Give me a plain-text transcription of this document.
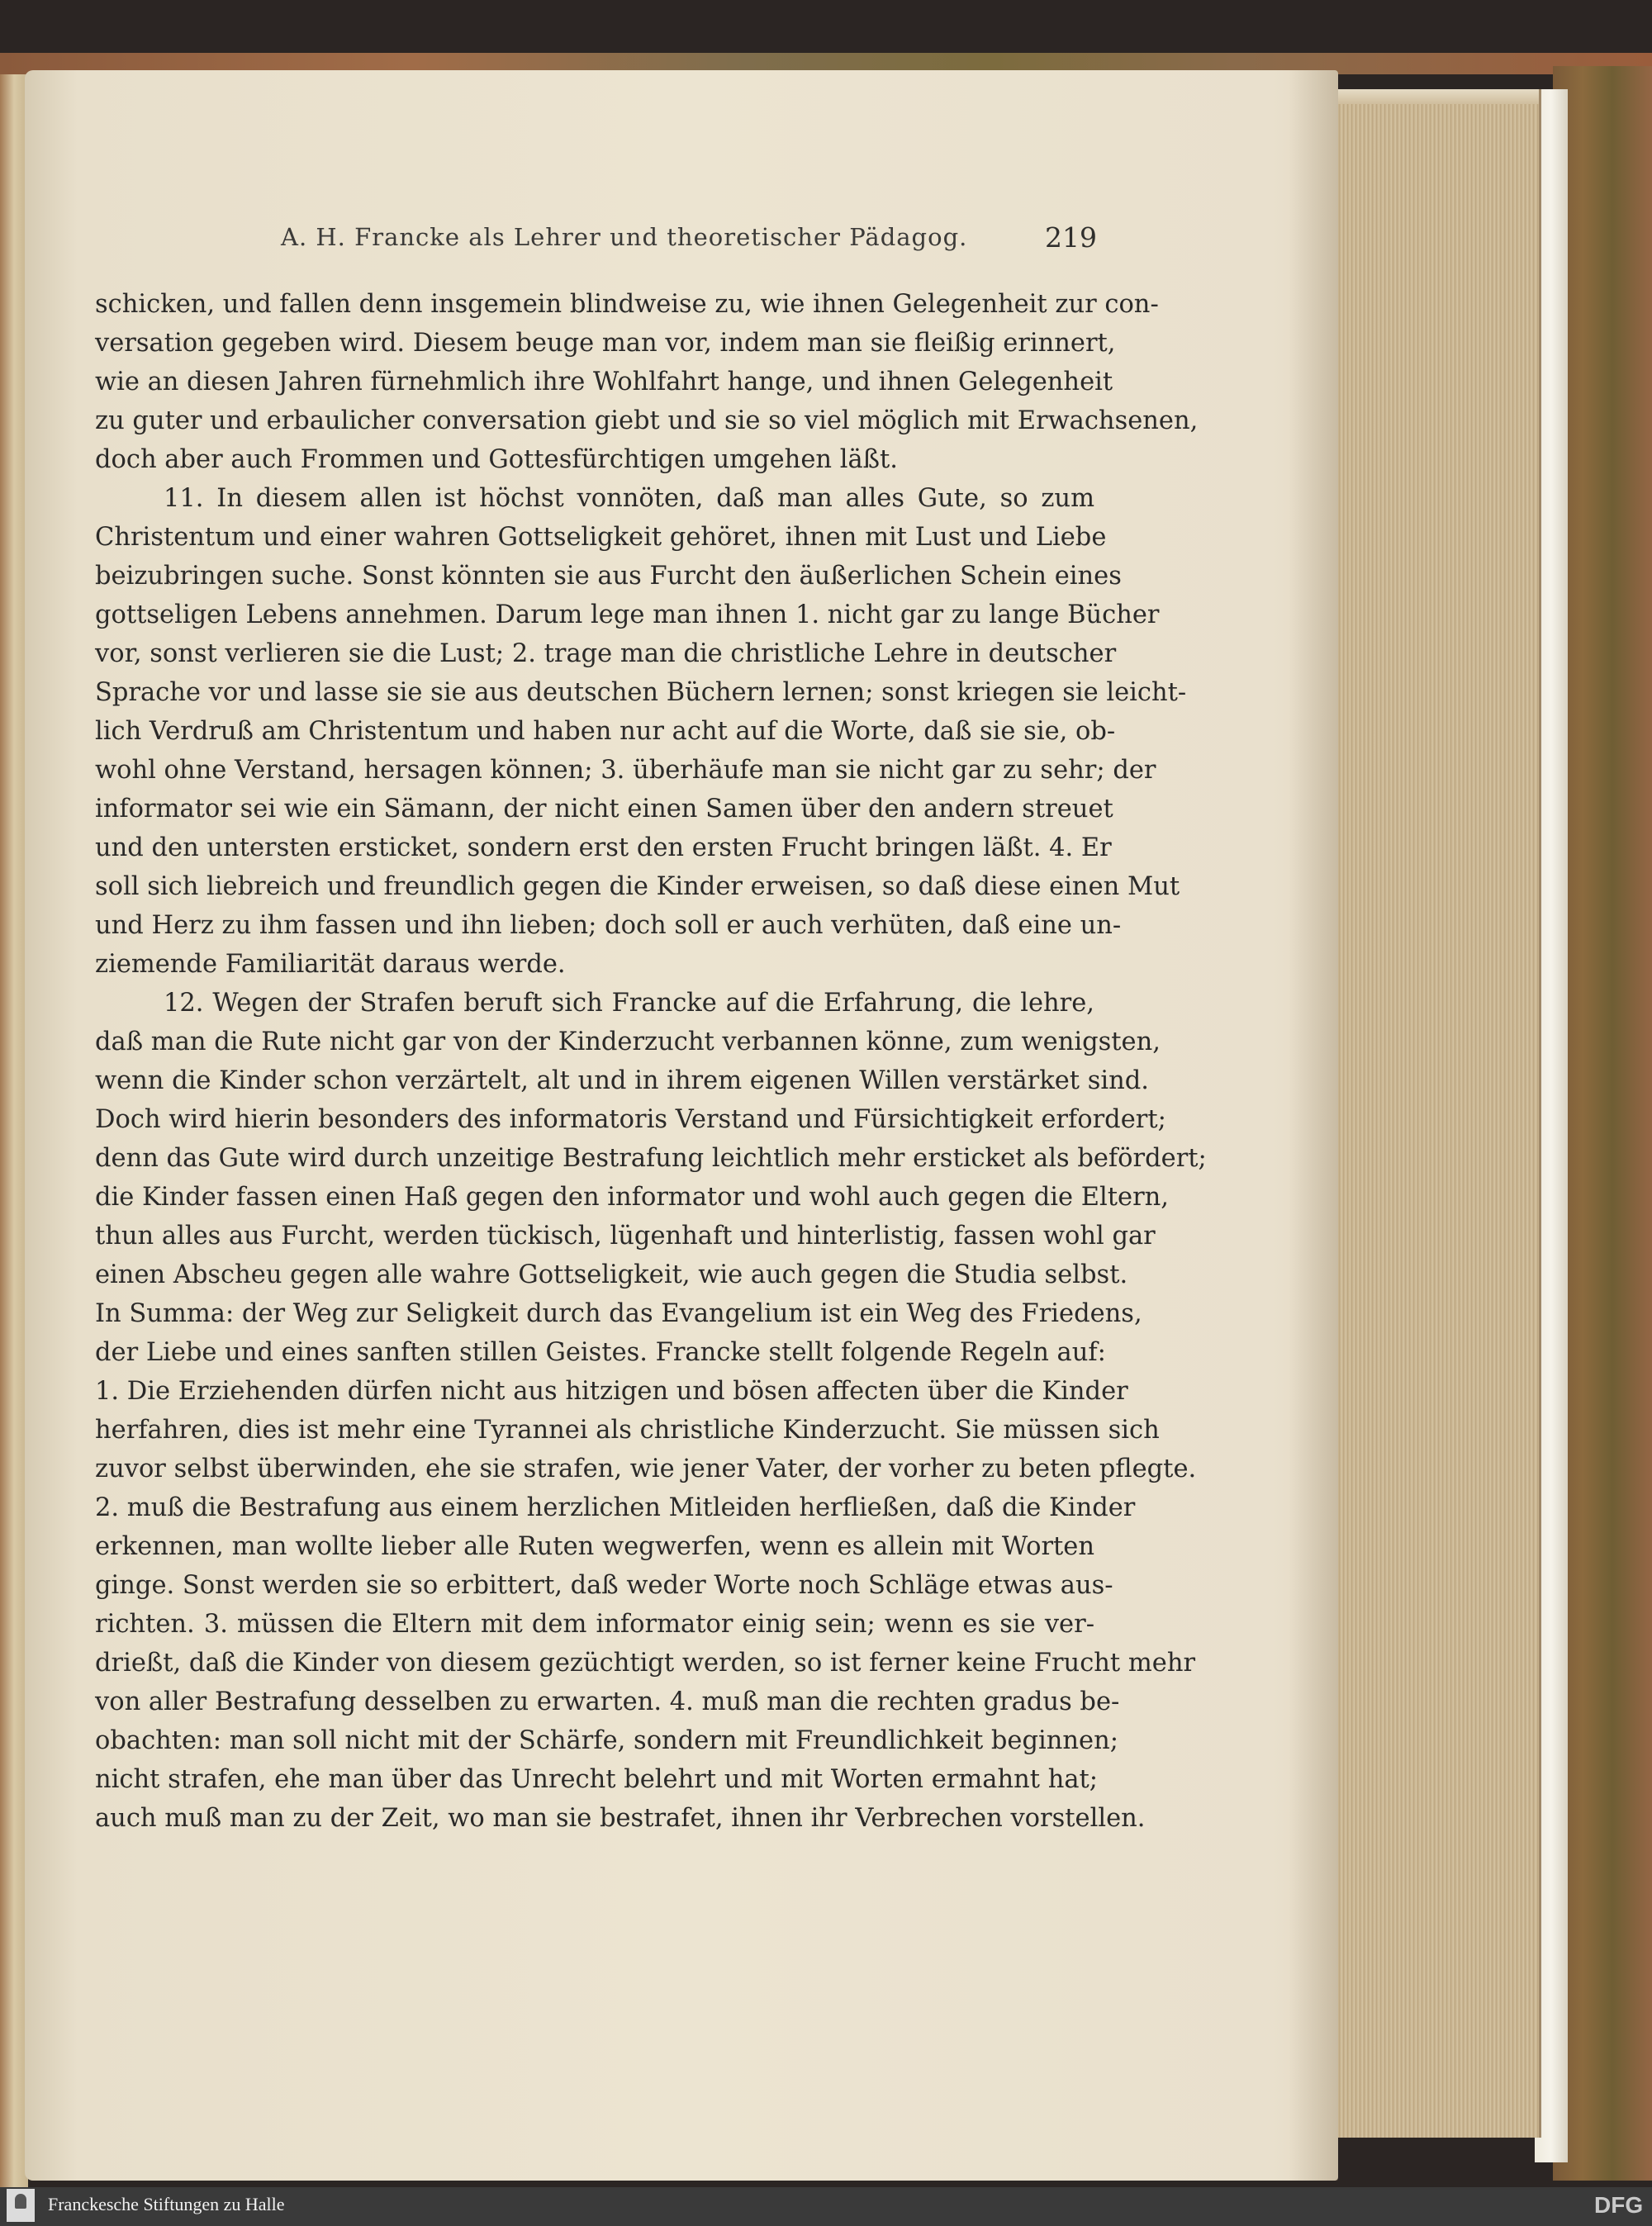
A. H. Francke als Lehrer und theoretischer Pädagog.	219
schicken, und fallen denn insgemein blindweise zu, wie ihnen Gelegenheit zur con-
versation gegeben wird. Diesem beuge man vor, indem man sie fleißig erinnert,
wie an diesen Jahren fürnehmlich ihre Wohlfahrt hange, und ihnen Gelegenheit
zu guter und erbaulicher conversation giebt und sie so viel möglich mit Erwachsenen,
doch aber auch Frommen und Gottesfürchtigen umgehen läßt.
11. In diesem allen ist höchst vonnöten, daß man alles Gute, so zum
Christentum und einer wahren Gottseligkeit gehöret, ihnen mit Lust und Liebe
beizubringen suche. Sonst könnten sie aus Furcht den äußerlichen Schein eines
gottseligen Lebens annehmen. Darum lege man ihnen 1. nicht gar zu lange Bücher
vor, sonst verlieren sie die Lust; 2. trage man die christliche Lehre in deutscher
Sprache vor und lasse sie sie aus deutschen Büchern lernen; sonst kriegen sie leicht-
lich Verdruß am Christentum und haben nur acht auf die Worte, daß sie sie, ob-
wohl ohne Verstand, hersagen können; 3. überhäufe man sie nicht gar zu sehr; der
informator sei wie ein Sämann, der nicht einen Samen über den andern streuet
und den untersten ersticket, sondern erst den ersten Frucht bringen läßt. 4. Er
soll sich liebreich und freundlich gegen die Kinder erweisen, so daß diese einen Mut
und Herz zu ihm fassen und ihn lieben; doch soll er auch verhüten, daß eine un-
ziemende Familiarität daraus werde.
12. Wegen der Strafen beruft sich Francke auf die Erfahrung, die lehre,
daß man die Rute nicht gar von der Kinderzucht verbannen könne, zum wenigsten,
wenn die Kinder schon verzärtelt, alt und in ihrem eigenen Willen verstärket sind.
Doch wird hierin besonders des informatoris Verstand und Fürsichtigkeit erfordert;
denn das Gute wird durch unzeitige Bestrafung leichtlich mehr ersticket als befördert;
die Kinder fassen einen Haß gegen den informator und wohl auch gegen die Eltern,
thun alles aus Furcht, werden tückisch, lügenhaft und hinterlistig, fassen wohl gar
einen Abscheu gegen alle wahre Gottseligkeit, wie auch gegen die Studia selbst.
In Summa: der Weg zur Seligkeit durch das Evangelium ist ein Weg des Friedens,
der Liebe und eines sanften stillen Geistes. Francke stellt folgende Regeln auf:
1. Die Erziehenden dürfen nicht aus hitzigen und bösen affecten über die Kinder
herfahren, dies ist mehr eine Tyrannei als christliche Kinderzucht. Sie müssen sich
zuvor selbst überwinden, ehe sie strafen, wie jener Vater, der vorher zu beten pflegte.
2. muß die Bestrafung aus einem herzlichen Mitleiden herfließen, daß die Kinder
erkennen, man wollte lieber alle Ruten wegwerfen, wenn es allein mit Worten
ginge. Sonst werden sie so erbittert, daß weder Worte noch Schläge etwas aus-
richten. 3. müssen die Eltern mit dem informator einig sein; wenn es sie ver-
drießt, daß die Kinder von diesem gezüchtigt werden, so ist ferner keine Frucht mehr
von aller Bestrafung desselben zu erwarten. 4. muß man die rechten gradus be-
obachten: man soll nicht mit der Schärfe, sondern mit Freundlichkeit beginnen;
nicht strafen, ehe man über das Unrecht belehrt und mit Worten ermahnt hat;
auch muß man zu der Zeit, wo man sie bestrafet, ihnen ihr Verbrechen vorstellen.
Franckesche Stiftungen zu Halle	DFG
